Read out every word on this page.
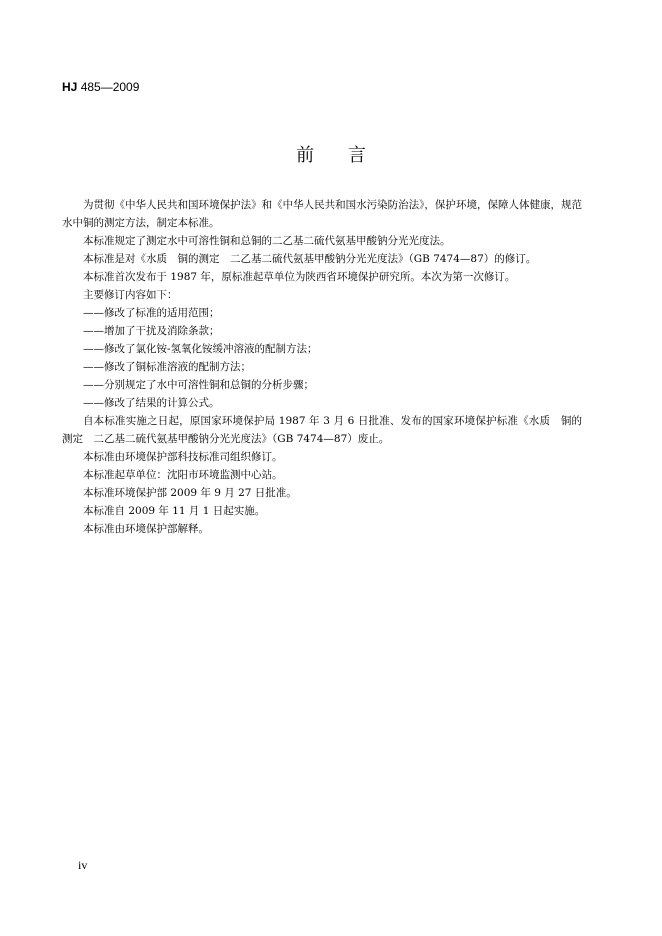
HJ 485—2009
前 言

为贯彻《中华人民共和国环境保护法》和《中华人民共和国水污染防治法》，保护环境，保障人体健康，规范水中铜的测定方法，制定本标准。

本标准规定了测定水中可溶性铜和总铜的二乙基二硫代氨基甲酸钠分光光度法。

本标准是对《水质　铜的测定　二乙基二硫代氨基甲酸钠分光光度法》（GB 7474—87）的修订。

本标准首次发布于 1987 年，原标准起草单位为陕西省环境保护研究所。本次为第一次修订。

主要修订内容如下：

——修改了标准的适用范围；

——增加了干扰及消除条款；

——修改了氯化铵-氢氧化铵缓冲溶液的配制方法；

——修改了铜标准溶液的配制方法；

——分别规定了水中可溶性铜和总铜的分析步骤；

——修改了结果的计算公式。

自本标准实施之日起，原国家环境保护局 1987 年 3 月 6 日批准、发布的国家环境保护标准《水质　铜的测定　二乙基二硫代氨基甲酸钠分光光度法》（GB 7474—87）废止。

本标准由环境保护部科技标准司组织修订。

本标准起草单位：沈阳市环境监测中心站。

本标准环境保护部 2009 年 9 月 27 日批准。

本标准自 2009 年 11 月 1 日起实施。

本标准由环境保护部解释。

iv
